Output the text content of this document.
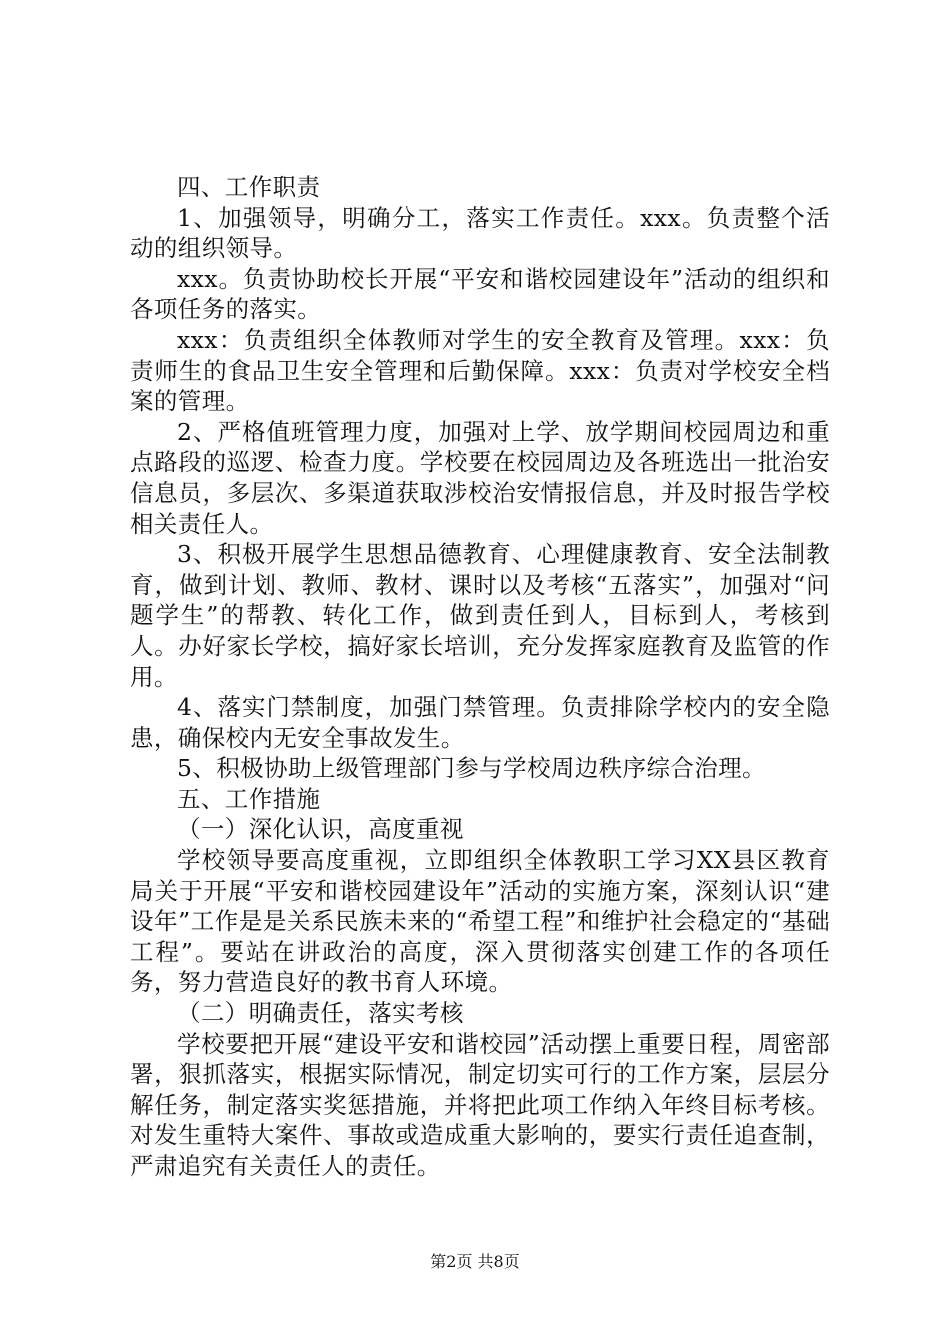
四、工作职责

1、加强领导，明确分工，落实工作责任。xxx。负责整个活动的组织领导。

xxx。负责协助校长开展“平安和谐校园建设年”活动的组织和各项任务的落实。

xxx：负责组织全体教师对学生的安全教育及管理。xxx：负责师生的食品卫生安全管理和后勤保障。xxx：负责对学校安全档案的管理。

2、严格值班管理力度，加强对上学、放学期间校园周边和重点路段的巡逻、检查力度。学校要在校园周边及各班选出一批治安信息员，多层次、多渠道获取涉校治安情报信息，并及时报告学校相关责任人。

3、积极开展学生思想品德教育、心理健康教育、安全法制教育，做到计划、教师、教材、课时以及考核“五落实”，加强对“问题学生”的帮教、转化工作，做到责任到人，目标到人，考核到人。办好家长学校，搞好家长培训，充分发挥家庭教育及监管的作用。

4、落实门禁制度，加强门禁管理。负责排除学校内的安全隐患，确保校内无安全事故发生。

5、积极协助上级管理部门参与学校周边秩序综合治理。

五、工作措施

（一）深化认识，高度重视

学校领导要高度重视，立即组织全体教职工学习XX县区教育局关于开展“平安和谐校园建设年”活动的实施方案，深刻认识“建设年”工作是是关系民族未来的“希望工程”和维护社会稳定的“基础工程”。要站在讲政治的高度，深入贯彻落实创建工作的各项任务，努力营造良好的教书育人环境。

（二）明确责任，落实考核

学校要把开展“建设平安和谐校园”活动摆上重要日程，周密部署，狠抓落实，根据实际情况，制定切实可行的工作方案，层层分解任务，制定落实奖惩措施，并将把此项工作纳入年终目标考核。对发生重特大案件、事故或造成重大影响的，要实行责任追查制，严肃追究有关责任人的责任。

第2页 共8页
